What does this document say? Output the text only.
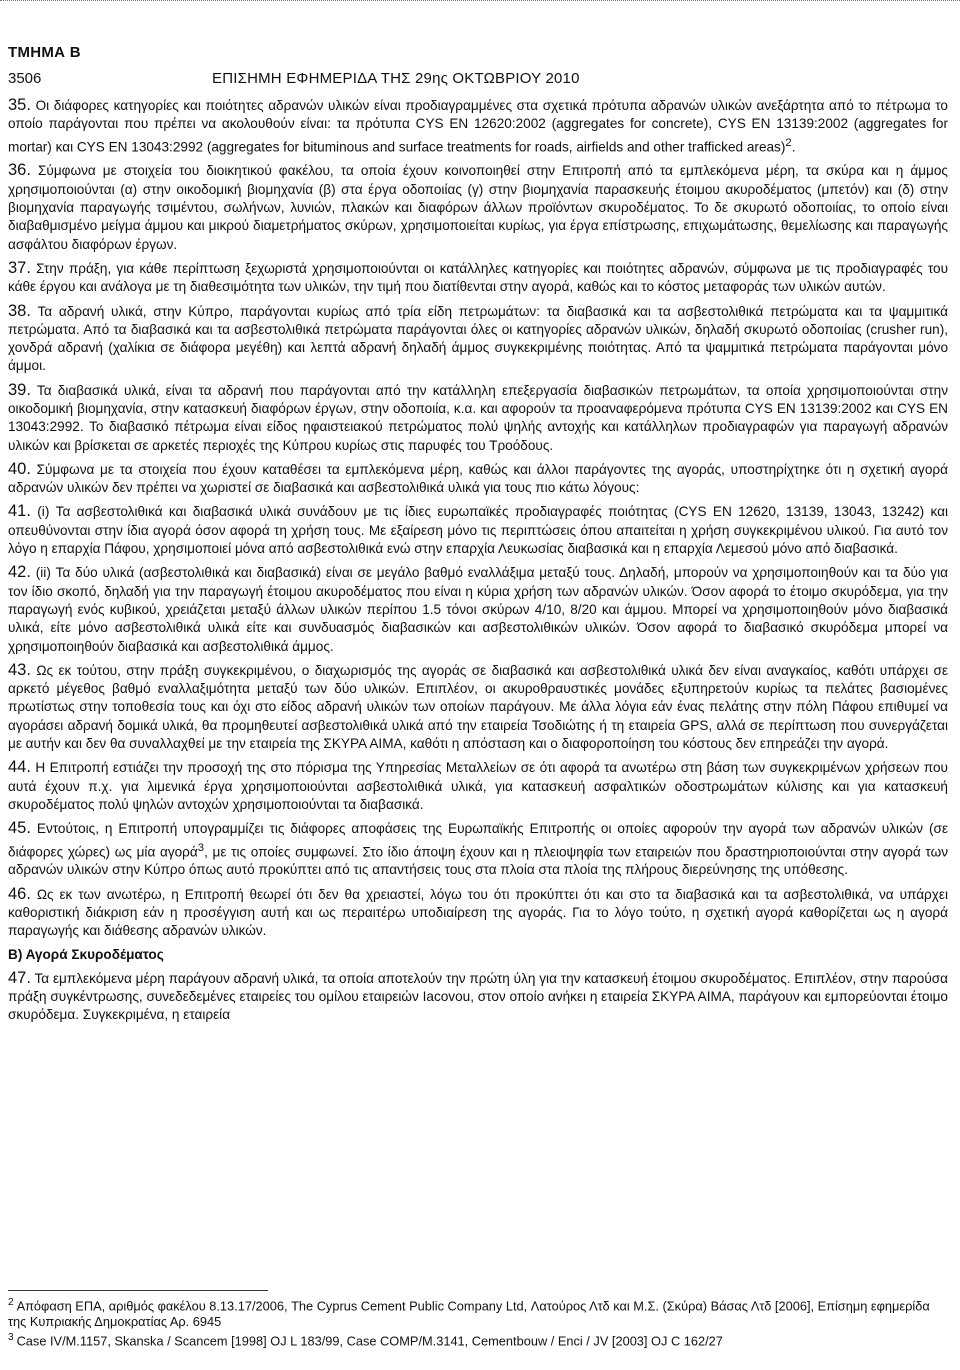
ΤΜΗΜΑ Β
3506	ΕΠΙΣΗΜΗ ΕΦΗΜΕΡΙΔΑ ΤΗΣ 29ης ΟΚΤΩΒΡΙΟΥ 2010

35. Οι διάφορες κατηγορίες και ποιότητες αδρανών υλικών είναι προδιαγραμμένες στα σχετικά πρότυπα αδρανών υλικών ανεξάρτητα από το πέτρωμα το οποίο παράγονται που πρέπει να ακολουθούν είναι: τα πρότυπα CYS EN 12620:2002 (aggregates for concrete), CYS EN 13139:2002 (aggregates for mortar) και CYS EN 13043:2992 (aggregates for bituminous and surface treatments for roads, airfields and other trafficked areas)$^2$.

36. Σύμφωνα με στοιχεία του διοικητικού φακέλου, τα οποία έχουν κοινοποιηθεί στην Επιτροπή από τα εμπλεκόμενα μέρη, τα σκύρα και η άμμος χρησιμοποιούνται (α) στην οικοδομική βιομηχανία (β) στα έργα οδοποιίας (γ) στην βιομηχανία παρασκευής έτοιμου ακυροδέματος (μπετόν) και (δ) στην βιομηχανία παραγωγής τσιμέντου, σωλήνων, λυνιών, πλακών και διαφόρων άλλων προϊόντων σκυροδέματος. Το δε σκυρωτό οδοποιίας, το οποίο είναι διαβαθμισμένο μείγμα άμμου και μικρού διαμετρήματος σκύρων, χρησιμοποιείται κυρίως, για έργα επίστρωσης, επιχωμάτωσης, θεμελίωσης και παραγωγής ασφάλτου διαφόρων έργων.

37. Στην πράξη, για κάθε περίπτωση ξεχωριστά χρησιμοποιούνται οι κατάλληλες κατηγορίες και ποιότητες αδρανών, σύμφωνα με τις προδιαγραφές του κάθε έργου και ανάλογα με τη διαθεσιμότητα των υλικών, την τιμή που διατίθενται στην αγορά, καθώς και το κόστος μεταφοράς των υλικών αυτών.

38. Τα αδρανή υλικά, στην Κύπρο, παράγονται κυρίως από τρία είδη πετρωμάτων: τα διαβασικά και τα ασβεστολιθικά πετρώματα και τα ψαμμιτικά πετρώματα. Από τα διαβασικά και τα ασβεστολιθικά πετρώματα παράγονται όλες οι κατηγορίες αδρανών υλικών, δηλαδή σκυρωτό οδοποιίας (crusher run), χονδρά αδρανή (χαλίκια σε διάφορα μεγέθη) και λεπτά αδρανή δηλαδή άμμος συγκεκριμένης ποιότητας. Από τα ψαμμιτικά πετρώματα παράγονται μόνο άμμοι.

39. Τα διαβασικά υλικά, είναι τα αδρανή που παράγονται από την κατάλληλη επεξεργασία διαβασικών πετρωμάτων, τα οποία χρησιμοποιούνται στην οικοδομική βιομηχανία, στην κατασκευή διαφόρων έργων, στην οδοποιία, κ.α. και αφορούν τα προαναφερόμενα πρότυπα CYS EN 13139:2002 και CYS EN 13043:2992. Το διαβασικό πέτρωμα είναι είδος ηφαιστειακού πετρώματος πολύ ψηλής αντοχής και κατάλληλων προδιαγραφών για παραγωγή αδρανών υλικών και βρίσκεται σε αρκετές περιοχές της Κύπρου κυρίως στις παρυφές του Τροόδους.

40. Σύμφωνα με τα στοιχεία που έχουν καταθέσει τα εμπλεκόμενα μέρη, καθώς και άλλοι παράγοντες της αγοράς, υποστηρίχτηκε ότι η σχετική αγορά αδρανών υλικών δεν πρέπει να χωριστεί σε διαβασικά και ασβεστολιθικά υλικά για τους πιο κάτω λόγους:

41. (i) Τα ασβεστολιθικά και διαβασικά υλικά συνάδουν με τις ίδιες ευρωπαϊκές προδιαγραφές ποιότητας (CYS EN 12620, 13139, 13043, 13242) και οπευθύνονται στην ίδια αγορά όσον αφορά τη χρήση τους. Με εξαίρεση μόνο τις περιπτώσεις όπου απαιτείται η χρήση συγκεκριμένου υλικού. Για αυτό τον λόγο η επαρχία Πάφου, χρησιμοποιεί μόνα από ασβεστολιθικά ενώ στην επαρχία Λευκωσίας διαβασικά και η επαρχία Λεμεσού μόνο από διαβασικά.

42. (ii) Τα δύο υλικά (ασβεστολιθικά και διαβασικά) είναι σε μεγάλο βαθμό εναλλάξιμα μεταξύ τους. Δηλαδή, μπορούν να χρησιμοποιηθούν και τα δύο για τον ίδιο σκοπό, δηλαδή για την παραγωγή έτοιμου ακυροδέματος που είναι η κύρια χρήση των αδρανών υλικών. Όσον αφορά το έτοιμο σκυρόδεμα, για την παραγωγή ενός κυβικού, χρειάζεται μεταξύ άλλων υλικών περίπου 1.5 τόνοι σκύρων 4/10, 8/20 και άμμου. Μπορεί να χρησιμοποιηθούν μόνο διαβασικά υλικά, είτε μόνο ασβεστολιθικά υλικά είτε και συνδυασμός διαβασικών και ασβεστολιθικών υλικών. Όσον αφορά το διαβασικό σκυρόδεμα μπορεί να χρησιμοποιηθούν διαβασικά και ασβεστολιθικά άμμος.

43. Ως εκ τούτου, στην πράξη συγκεκριμένου, ο διαχωρισμός της αγοράς σε διαβασικά και ασβεστολιθικά υλικά δεν είναι αναγκαίος, καθότι υπάρχει σε αρκετό μέγεθος βαθμό εναλλαξιμότητα μεταξύ των δύο υλικών. Επιπλέον, οι ακυροθραυστικές μονάδες εξυπηρετούν κυρίως τα πελάτες βασιομένες πρωτίστως στην τοποθεσία τους και όχι στο είδος αδρανή υλικών των οποίων παράγουν. Με άλλα λόγια εάν ένας πελάτης στην πόλη Πάφου επιθυμεί να αγοράσει αδρανή δομικά υλικά, θα προμηθευτεί ασβεστολιθικά υλικά από την εταιρεία Τσοδιώτης ή τη εταιρεία GPS, αλλά σε περίπτωση που συνεργάζεται με αυτήν και δεν θα συναλλαχθεί με την εταιρεία της ΣΚΥΡΑ ΑΙΜΑ, καθότι η απόσταση και ο διαφοροποίηση του κόστους δεν επηρεάζει την αγορά.

44. Η Επιτροπή εστιάζει την προσοχή της στο πόρισμα της Υπηρεσίας Μεταλλείων σε ότι αφορά τα ανωτέρω στη βάση των συγκεκριμένων χρήσεων που αυτά έχουν π.χ. για λιμενικά έργα χρησιμοποιούνται ασβεστολιθικά υλικά, για κατασκευή ασφαλτικών οδοστρωμάτων κύλισης και για κατασκευή σκυροδέματος πολύ ψηλών αντοχών χρησιμοποιούνται τα διαβασικά.

45. Εντούτοις, η Επιτροπή υπογραμμίζει τις διάφορες αποφάσεις της Ευρωπαϊκής Επιτροπής οι οποίες αφορούν την αγορά των αδρανών υλικών (σε διάφορες χώρες) ως μία αγορά$^3$, με τις οποίες συμφωνεί. Στο ίδιο άποψη έχουν και η πλειοψηφία των εταιρειών που δραστηριοποιούνται στην αγορά των αδρανών υλικών στην Κύπρο όπως αυτό προκύπτει από τις απαντήσεις τους στα πλοία στα πλοία της πλήρους διερεύνησης της υπόθεσης.

46. Ως εκ των ανωτέρω, η Επιτροπή θεωρεί ότι δεν θα χρειαστεί, λόγω του ότι προκύπτει ότι και στο τα διαβασικά και τα ασβεστολιθικά, να υπάρχει καθοριστική διάκριση εάν η προσέγγιση αυτή και ως περαιτέρω υποδιαίρεση της αγοράς. Για το λόγο τούτο, η σχετική αγορά καθορίζεται ως η αγορά παραγωγής και διάθεσης αδρανών υλικών.

Β) Αγορά Σκυροδέματος

47. Τα εμπλεκόμενα μέρη παράγουν αδρανή υλικά, τα οποία αποτελούν την πρώτη ύλη για την κατασκευή έτοιμου σκυροδέματος. Επιπλέον, στην παρούσα πράξη συγκέντρωσης, συνεδεδεμένες εταιρείες του ομίλου εταιρειών Iacovou, στον οποίο ανήκει η εταιρεία ΣΚΥΡΑ ΑΙΜΑ, παράγουν και εμπορεύονται έτοιμο σκυρόδεμα. Συγκεκριμένα, η εταιρεία

$^2$ Απόφαση ΕΠΑ, αριθμός φακέλου 8.13.17/2006, The Cyprus Cement Public Company Ltd, Λατούρος Λτδ και Μ.Σ. (Σκύρα) Βάσας Λτδ [2006], Επίσημη εφημερίδα της Κυπριακής Δημοκρατίας Αρ. 6945

$^3$ Case IV/M.1157, Skanska / Scancem [1998] OJ L 183/99, Case COMP/M.3141, Cementbouw / Enci / JV [2003] OJ C 162/27
